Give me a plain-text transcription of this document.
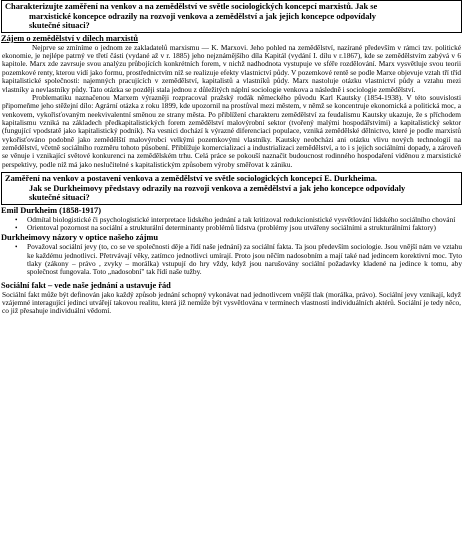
Charakterizujte zaměření na venkov a na zemědělství ve světle sociologických koncepcí marxistů. Jak se
marxistické koncepce odrazily na rozvoji venkova a zemědělství a jak jejich koncepce odpovídaly
skutečné situaci?
Zájem o zemědělství v dílech marxistů

Nejprve se zmíníme o jednom ze zakladatelů marxismu — K. Marxovi. Jeho pohled na zemědělství, nazírané především v rámci tzv. politické ekonomie, je nejlépe patrný ve třetí části (vydané až v r. 1885) jeho nejznámějšího díla Kapitál (vydání I. dílu v r.1867), kde se zemědělstvím zabývá v 6 kapitole. Marx zde zavrsuje svou analýzu průbojících konkrétních forem, v nichž nadhodnota vystupuje ve sféře rozdělování. Marx vysvětluje svou teorii pozemkové renty, kterou vidí jako formu, prostřednictvím níž se realizuje efekty vlastnictví půdy. V pozemkové rentě se podle Marxe objevuje vztah tří tříd kapitalistické společnosti: najemných pracujících v zemědělství, kapitalistů a vlastníků půdy. Marx nastoluje otázku vlastnictví půdy a vztahu mezi vlastníky a nevlastníky půdy. Tato otázka se později stala jednou z důležitých náplní sociologie venkova a následně i sociologie zemědělství.

Problematiku naznačenou Marxem výrazněji rozpracoval pražský rodák německého původu Karl Kautsky (1854-1938). V této souvislosti připomeňme jeho stěžejní dílo: Agrární otázka z roku 1899, kde upozornil na prostůval mezi městem, v němž se koncentruje ekonomická a politická moc, a venkovem, vykořisťovaným neekvivalentní směnou ze strany města. Po přiblížení charakteru zemědělství za feudalismu Kautsky ukazuje, že s příchodem kapitalismu vzniká na základech předkapitalistických forem zemědělství malovýrobní sektor (tvořený malými hospodářstvími) a kapitalistický sektor (fungující vpodstatě jako kapitalistický podnik). Na vesnici dochází k výrazné diferenciaci populace, vzniká zemědělské dělnictvo, které je podle marxistů vykořisťováno podobně jako zemědělští malovýrobci velkými pozemkovými vlastníky. Kautsky neobcházi ani otázku vlivu nových technologií na zemědělství, včetně sociálního rozměru tohoto působení. Přiblížuje komercializaci a industrializaci zemědělství, a to i s jejich sociálními dopady, a zároveň se věnuje i vznikající světové konkurenci na zemědělském trhu. Celá práce se pokouší naznačit budoucnost rodinného hospodaření viděnou z marxistické perspektivy, podle níž má jako neslučitelné s kapitalistickým způsobem výroby směřovat k zániku.

Zaměření na venkov a postavení venkova a zemědělství ve světle sociologických koncepcí E. Durkheima.
Jak se Durkheimovy představy odrazily na rozvoji venkova a zemědělství a jak jeho koncepce odpovídaly
skutečné situaci?
Emil Durkheim (1858-1917)
• Odmítal biologistické či psychologistické interpretace lidského jednání a tak kritizoval redukcionistické vysvětlování lidského sociálního chování
• Orientoval pozornost na sociální a strukturální determinanty problémů lidstva (problémy jsou utvářeny sociálními a strukturálními faktory)
Durkheimovy názory v optice našeho zájmu
• Považoval sociální jevy (to, co se ve společnosti děje a řídí naše jednání) za sociální fakta. Ta jsou především sociologie. Jsou vnější nám ve vztahu ke každému jednotlivci. Přetrvávají věky, zatímco jednotlivci umírají. Proto jsou něčím nadosobním a mají také nad jedincem korektivní moc. Tyto tlaky (zákony – právo , zvyky – morálka) vstupují do hry vždy, když jsou narušovány sociální požadavky kladené na jedince k tomu, aby společnost fungovala. Toto „nadosobní" tak řídí naše tužby.
Sociální fakt – vede naše jednání a ustavuje řád

Sociální fakt může být definován jako každý způsob jednání schopný vykonávat nad jednotlivcem vnější tlak (morálka, právo). Sociální jevy vznikají, když vzájemné interagující jedinci utvářejí takovou realitu, která již nemůže být vysvětlována v termínech vlastností individuálních aktérů. Sociální je tedy něco, co již přesahuje individuální vědomí.
